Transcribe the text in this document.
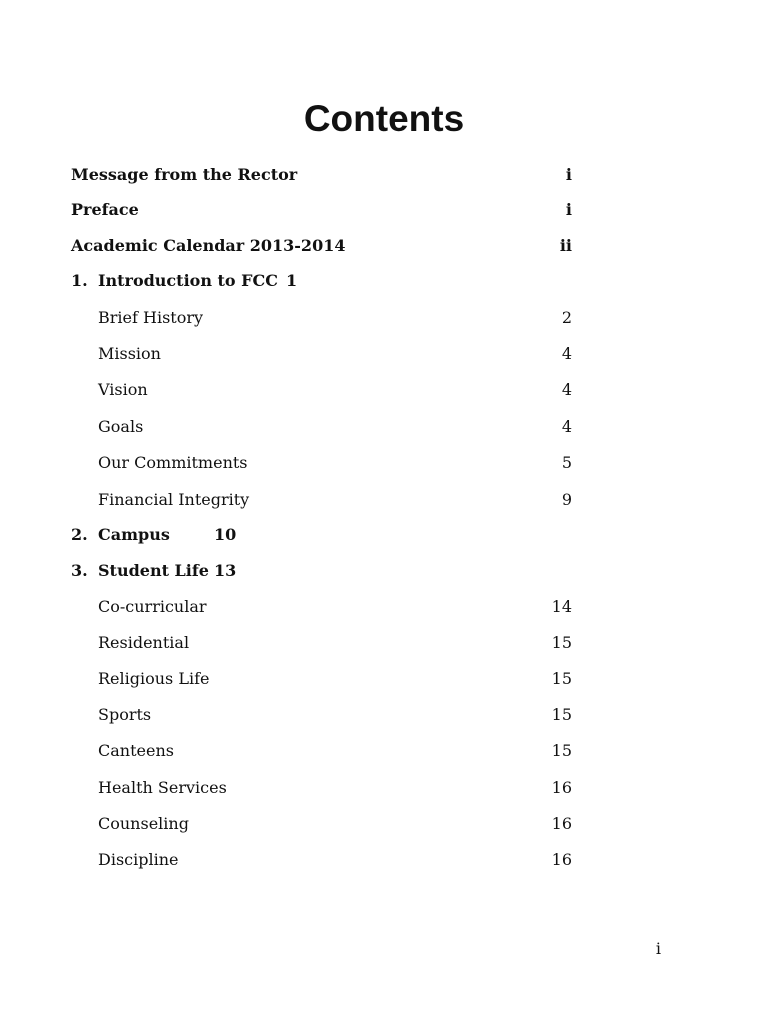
Contents
Message from the Rector	i
Preface	i
Academic Calendar 2013-2014	ii
1. Introduction to FCC 1
Brief History	2
Mission	4
Vision	4
Goals	4
Our Commitments	5
Financial Integrity	9
2. Campus	10
3. Student Life 13
Co-curricular	14
Residential	15
Religious Life	15
Sports	15
Canteens	15
Health Services	16
Counseling	16
Discipline	16
i
